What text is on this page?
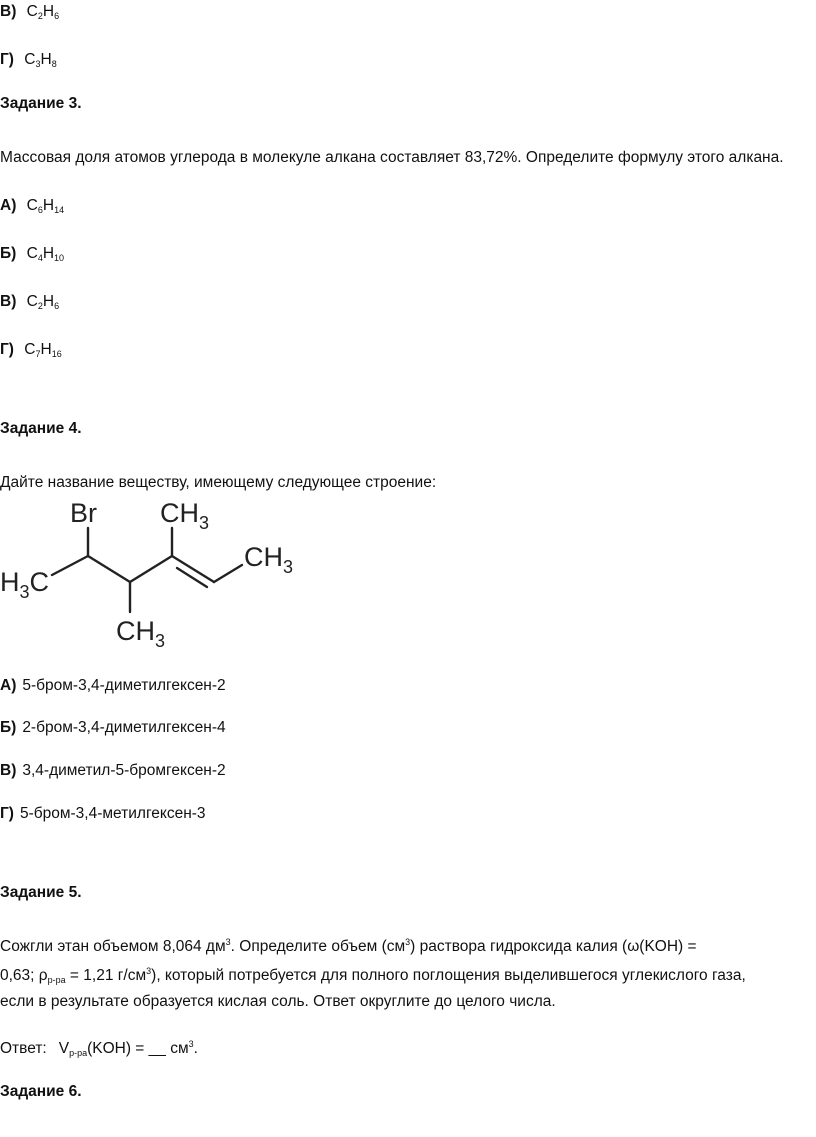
В) $C_2H_6$
Г) $C_3H_8$
Задание 3.
Массовая доля атомов углерода в молекуле алкана составляет 83,72%. Определите формулу этого алкана.
А) $C_6H_{14}$
Б) $C_4H_{10}$
В) $C_2H_6$
Г) $C_7H_{16}$
Задание 4.
Дайте название веществу, имеющему следующее строение:
Br $CH_3$
$CH_3$
$H_3C$
$CH_3$
А) 5-бром-3,4-диметилгексен-2
Б) 2-бром-3,4-диметилгексен-4
В) 3,4-диметил-5-бромгексен-2
Г) 5-бром-3,4-метилгексен-3
Задание 5.
Сожгли этан объемом 8,064 $дм^3$. Определите объем $(см^3)$ раствора гидроксида калия (ω(KOH) =
0,63; $\rho_{р-ра} = 1,21$ $г/см^3$), который потребуется для полного поглощения выделившегося углекислого газа,
если в результате образуется кислая соль. Ответ округлите до целого числа.
Ответ: $V_{р-ра}(KOH)$ = __ $см^3$.
Задание 6.
